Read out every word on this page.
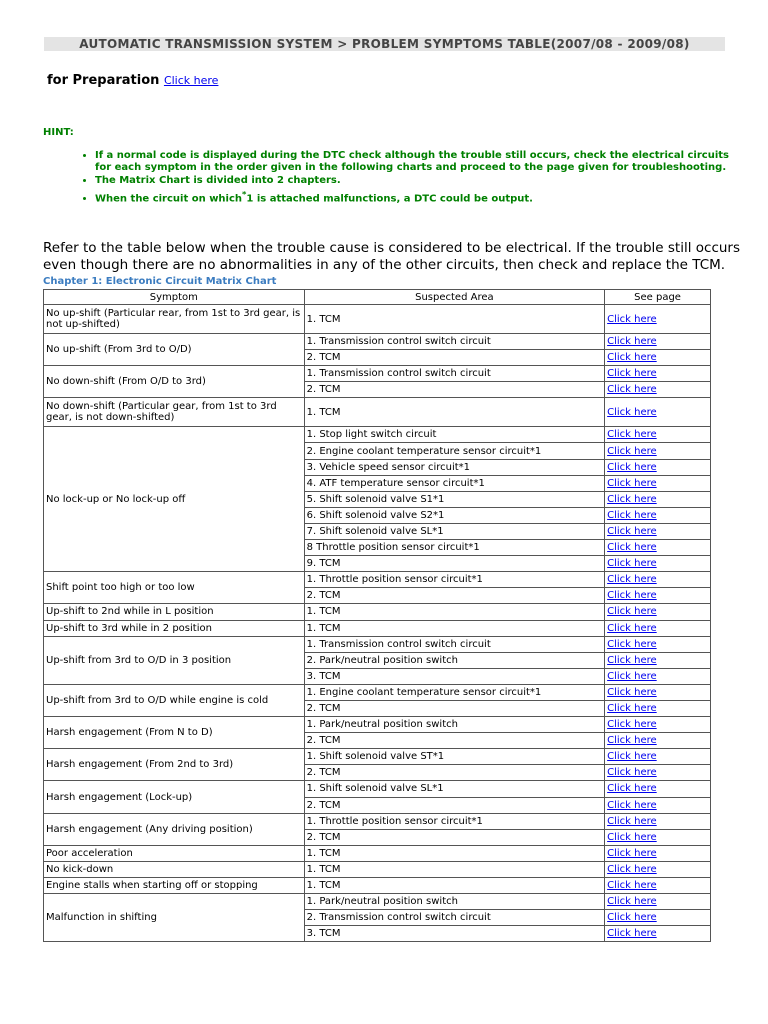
AUTOMATIC TRANSMISSION SYSTEM > PROBLEM SYMPTOMS TABLE(2007/08 - 2009/08)
for Preparation Click here
HINT:
• If a normal code is displayed during the DTC check although the trouble still occurs, check the electrical circuits for each symptom in the order given in the following charts and proceed to the page given for troubleshooting.
• The Matrix Chart is divided into 2 chapters.
• When the circuit on which*1 is attached malfunctions, a DTC could be output.
Refer to the table below when the trouble cause is considered to be electrical. If the trouble still occurs even though there are no abnormalities in any of the other circuits, then check and replace the TCM.
Chapter 1: Electronic Circuit Matrix Chart
Symptom	Suspected Area	See page
No up-shift (Particular rear, from 1st to 3rd gear, is not up-shifted)	1. TCM	Click here
No up-shift (From 3rd to O/D)	1. Transmission control switch circuit	Click here
	2. TCM	Click here
No down-shift (From O/D to 3rd)	1. Transmission control switch circuit	Click here
	2. TCM	Click here
No down-shift (Particular gear, from 1st to 3rd gear, is not down-shifted)	1. TCM	Click here
No lock-up or No lock-up off	1. Stop light switch circuit	Click here
	2. Engine coolant temperature sensor circuit*1	Click here
	3. Vehicle speed sensor circuit*1	Click here
	4. ATF temperature sensor circuit*1	Click here
	5. Shift solenoid valve S1*1	Click here
	6. Shift solenoid valve S2*1	Click here
	7. Shift solenoid valve SL*1	Click here
	8 Throttle position sensor circuit*1	Click here
	9. TCM	Click here
Shift point too high or too low	1. Throttle position sensor circuit*1	Click here
	2. TCM	Click here
Up-shift to 2nd while in L position	1. TCM	Click here
Up-shift to 3rd while in 2 position	1. TCM	Click here
Up-shift from 3rd to O/D in 3 position	1. Transmission control switch circuit	Click here
	2. Park/neutral position switch	Click here
	3. TCM	Click here
Up-shift from 3rd to O/D while engine is cold	1. Engine coolant temperature sensor circuit*1	Click here
	2. TCM	Click here
Harsh engagement (From N to D)	1. Park/neutral position switch	Click here
	2. TCM	Click here
Harsh engagement (From 2nd to 3rd)	1. Shift solenoid valve ST*1	Click here
	2. TCM	Click here
Harsh engagement (Lock-up)	1. Shift solenoid valve SL*1	Click here
	2. TCM	Click here
Harsh engagement (Any driving position)	1. Throttle position sensor circuit*1	Click here
	2. TCM	Click here
Poor acceleration	1. TCM	Click here
No kick-down	1. TCM	Click here
Engine stalls when starting off or stopping	1. TCM	Click here
Malfunction in shifting	1. Park/neutral position switch	Click here
	2. Transmission control switch circuit	Click here
	3. TCM	Click here
